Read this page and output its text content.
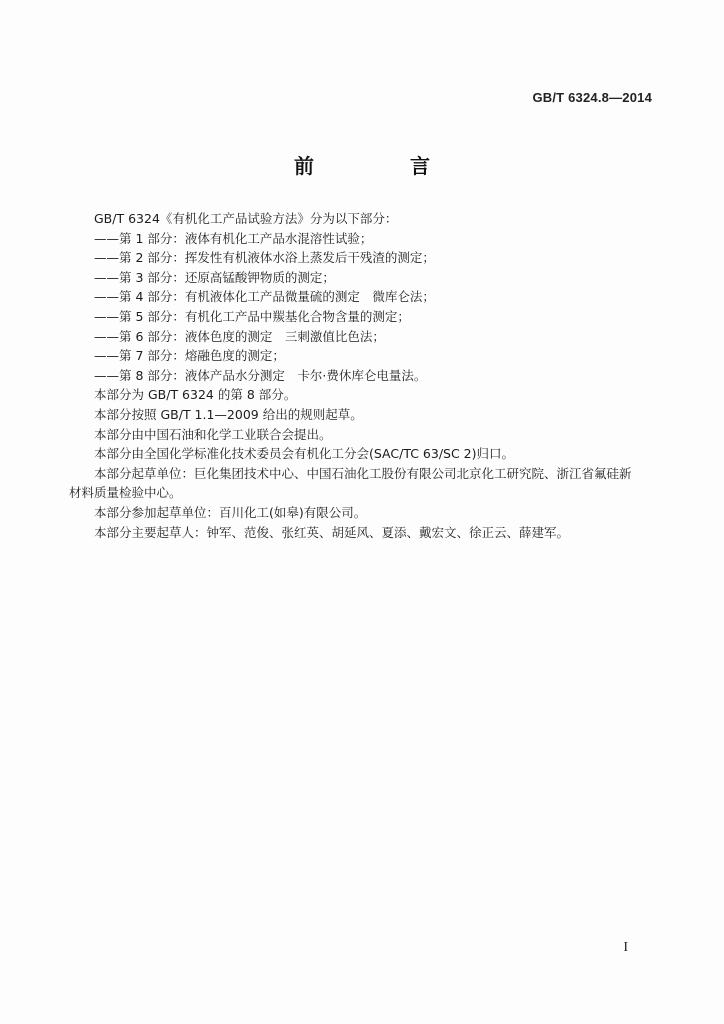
GB/T 6324.8—2014
前　言
GB/T 6324《有机化工产品试验方法》分为以下部分：
——第 1 部分：液体有机化工产品水混溶性试验；
——第 2 部分：挥发性有机液体水浴上蒸发后干残渣的测定；
——第 3 部分：还原高锰酸钾物质的测定；
——第 4 部分：有机液体化工产品微量硫的测定　微库仑法；
——第 5 部分：有机化工产品中羰基化合物含量的测定；
——第 6 部分：液体色度的测定　三刺激值比色法；
——第 7 部分：熔融色度的测定；
——第 8 部分：液体产品水分测定　卡尔·费休库仑电量法。
本部分为 GB/T 6324 的第 8 部分。
本部分按照 GB/T 1.1—2009 给出的规则起草。
本部分由中国石油和化学工业联合会提出。
本部分由全国化学标准化技术委员会有机化工分会(SAC/TC 63/SC 2)归口。
本部分起草单位：巨化集团技术中心、中国石油化工股份有限公司北京化工研究院、浙江省氟硅新
材料质量检验中心。
本部分参加起草单位：百川化工(如皋)有限公司。
本部分主要起草人：钟军、范俊、张红英、胡延风、夏添、戴宏文、徐正云、薛建军。
I
